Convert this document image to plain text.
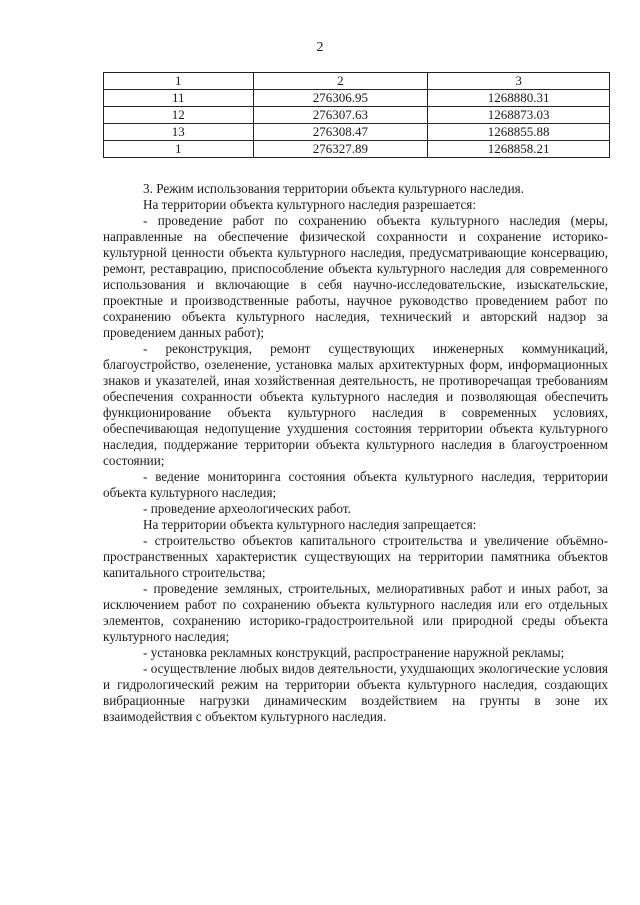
2
1	2	3
11	276306.95	1268880.31
12	276307.63	1268873.03
13	276308.47	1268855.88
1	276327.89	1268858.21

3. Режим использования территории объекта культурного наследия.

На территории объекта культурного наследия разрешается:

- проведение работ по сохранению объекта культурного наследия (меры, направленные на обеспечение физической сохранности и сохранение историко-культурной ценности объекта культурного наследия, предусматривающие консервацию, ремонт, реставрацию, приспособление объекта культурного наследия для современного использования и включающие в себя научно-исследовательские, изыскательские, проектные и производственные работы, научное руководство проведением работ по сохранению объекта культурного наследия, технический и авторский надзор за проведением данных работ);

- реконструкция, ремонт существующих инженерных коммуникаций, благоустройство, озеленение, установка малых архитектурных форм, информационных знаков и указателей, иная хозяйственная деятельность, не противоречащая требованиям обеспечения сохранности объекта культурного наследия и позволяющая обеспечить функционирование объекта культурного наследия в современных условиях, обеспечивающая недопущение ухудшения состояния территории объекта культурного наследия, поддержание территории объекта культурного наследия в благоустроенном состоянии;

- ведение мониторинга состояния объекта культурного наследия, территории объекта культурного наследия;

- проведение археологических работ.

На территории объекта культурного наследия запрещается:

- строительство объектов капитального строительства и увеличение объёмно-пространственных характеристик существующих на территории памятника объектов капитального строительства;

- проведение земляных, строительных, мелиоративных работ и иных работ, за исключением работ по сохранению объекта культурного наследия или его отдельных элементов, сохранению историко-градостроительной или природной среды объекта культурного наследия;

- установка рекламных конструкций, распространение наружной рекламы;

- осуществление любых видов деятельности, ухудшающих экологические условия и гидрологический режим на территории объекта культурного наследия, создающих вибрационные нагрузки динамическим воздействием на грунты в зоне их взаимодействия с объектом культурного наследия.
